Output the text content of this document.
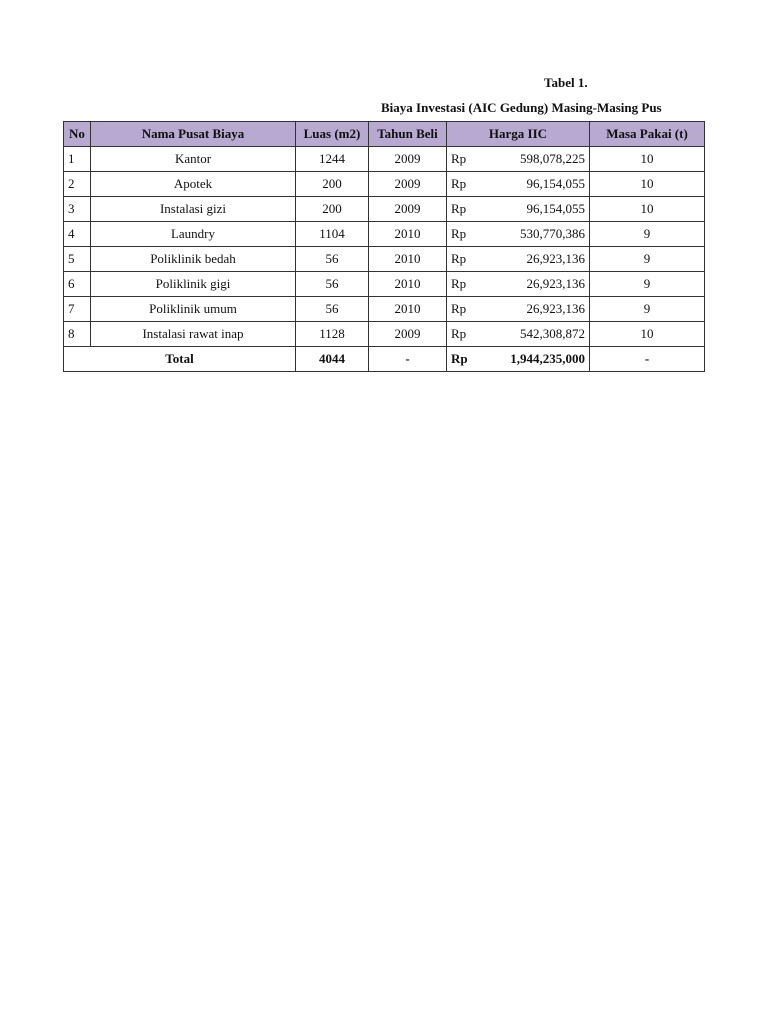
Tabel 1.
Biaya Investasi (AIC Gedung) Masing-Masing Pus
No	Nama Pusat Biaya	Luas (m2)	Tahun Beli	Harga IIC		Masa Pakai (t)
1	Kantor	1244	2009	Rp	598,078,225	10
2	Apotek	200	2009	Rp	96,154,055	10
3	Instalasi gizi	200	2009	Rp	96,154,055	10
4	Laundry	1104	2010	Rp	530,770,386	9
5	Poliklinik bedah	56	2010	Rp	26,923,136	9
6	Poliklinik gigi	56	2010	Rp	26,923,136	9
7	Poliklinik umum	56	2010	Rp	26,923,136	9
8	Instalasi rawat inap	1128	2009	Rp	542,308,872	10
Total		4044	-	Rp	1,944,235,000	-
